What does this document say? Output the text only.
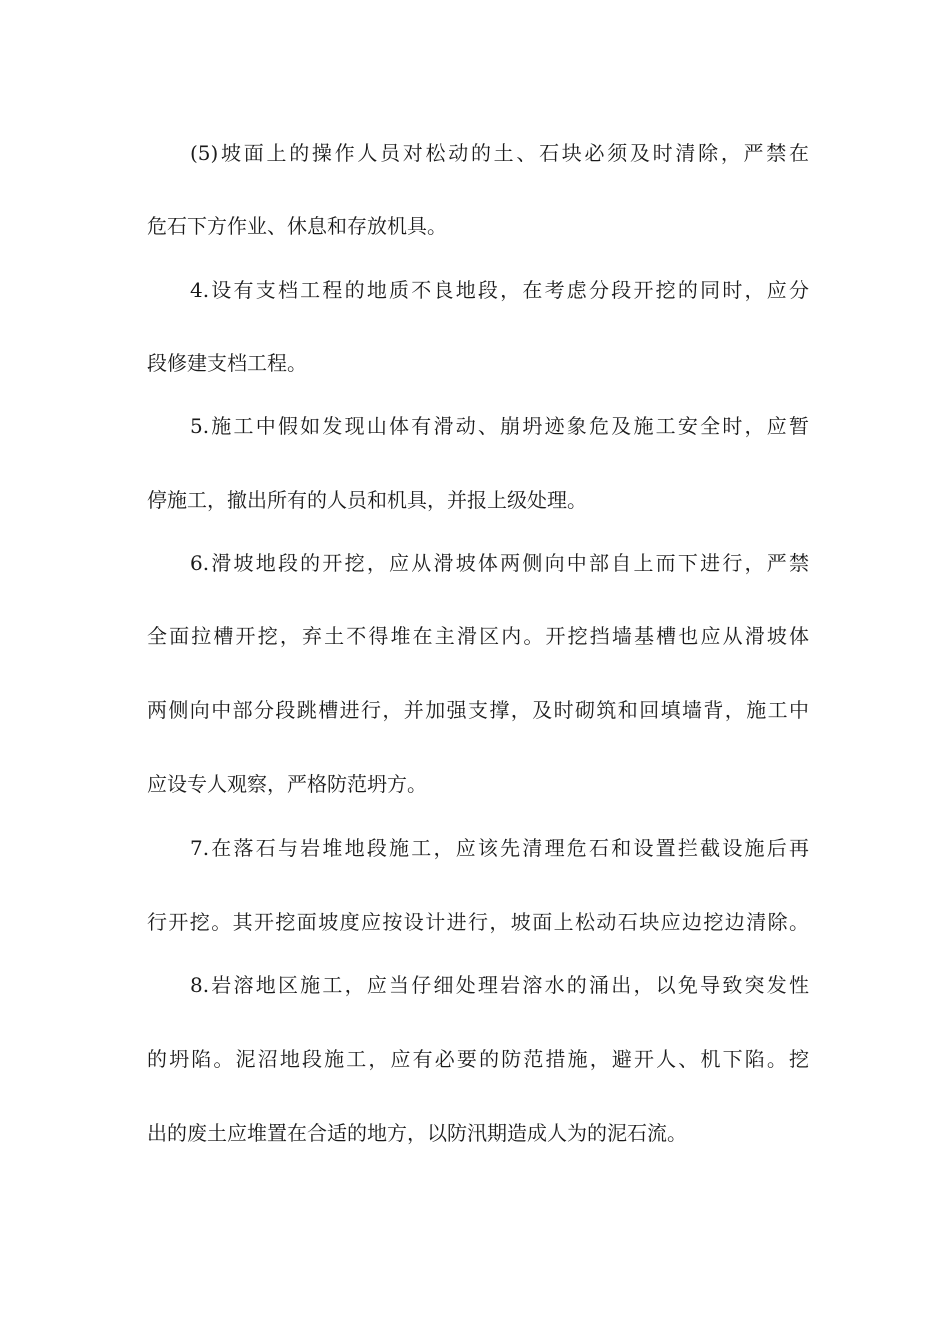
(5)坡面上的操作人员对松动的土、石块必须及时清除，严禁在
危石下方作业、休息和存放机具。
4.设有支档工程的地质不良地段，在考虑分段开挖的同时，应分
段修建支档工程。
5.施工中假如发现山体有滑动、崩坍迹象危及施工安全时，应暂
停施工，撤出所有的人员和机具，并报上级处理。
6.滑坡地段的开挖，应从滑坡体两侧向中部自上而下进行，严禁
全面拉槽开挖，弃土不得堆在主滑区内。开挖挡墙基槽也应从滑坡体
两侧向中部分段跳槽进行，并加强支撑，及时砌筑和回填墙背，施工中
应设专人观察，严格防范坍方。
7.在落石与岩堆地段施工，应该先清理危石和设置拦截设施后再
行开挖。其开挖面坡度应按设计进行，坡面上松动石块应边挖边清除。
8.岩溶地区施工，应当仔细处理岩溶水的涌出，以免导致突发性
的坍陷。泥沼地段施工，应有必要的防范措施，避开人、机下陷。挖
出的废土应堆置在合适的地方，以防汛期造成人为的泥石流。
